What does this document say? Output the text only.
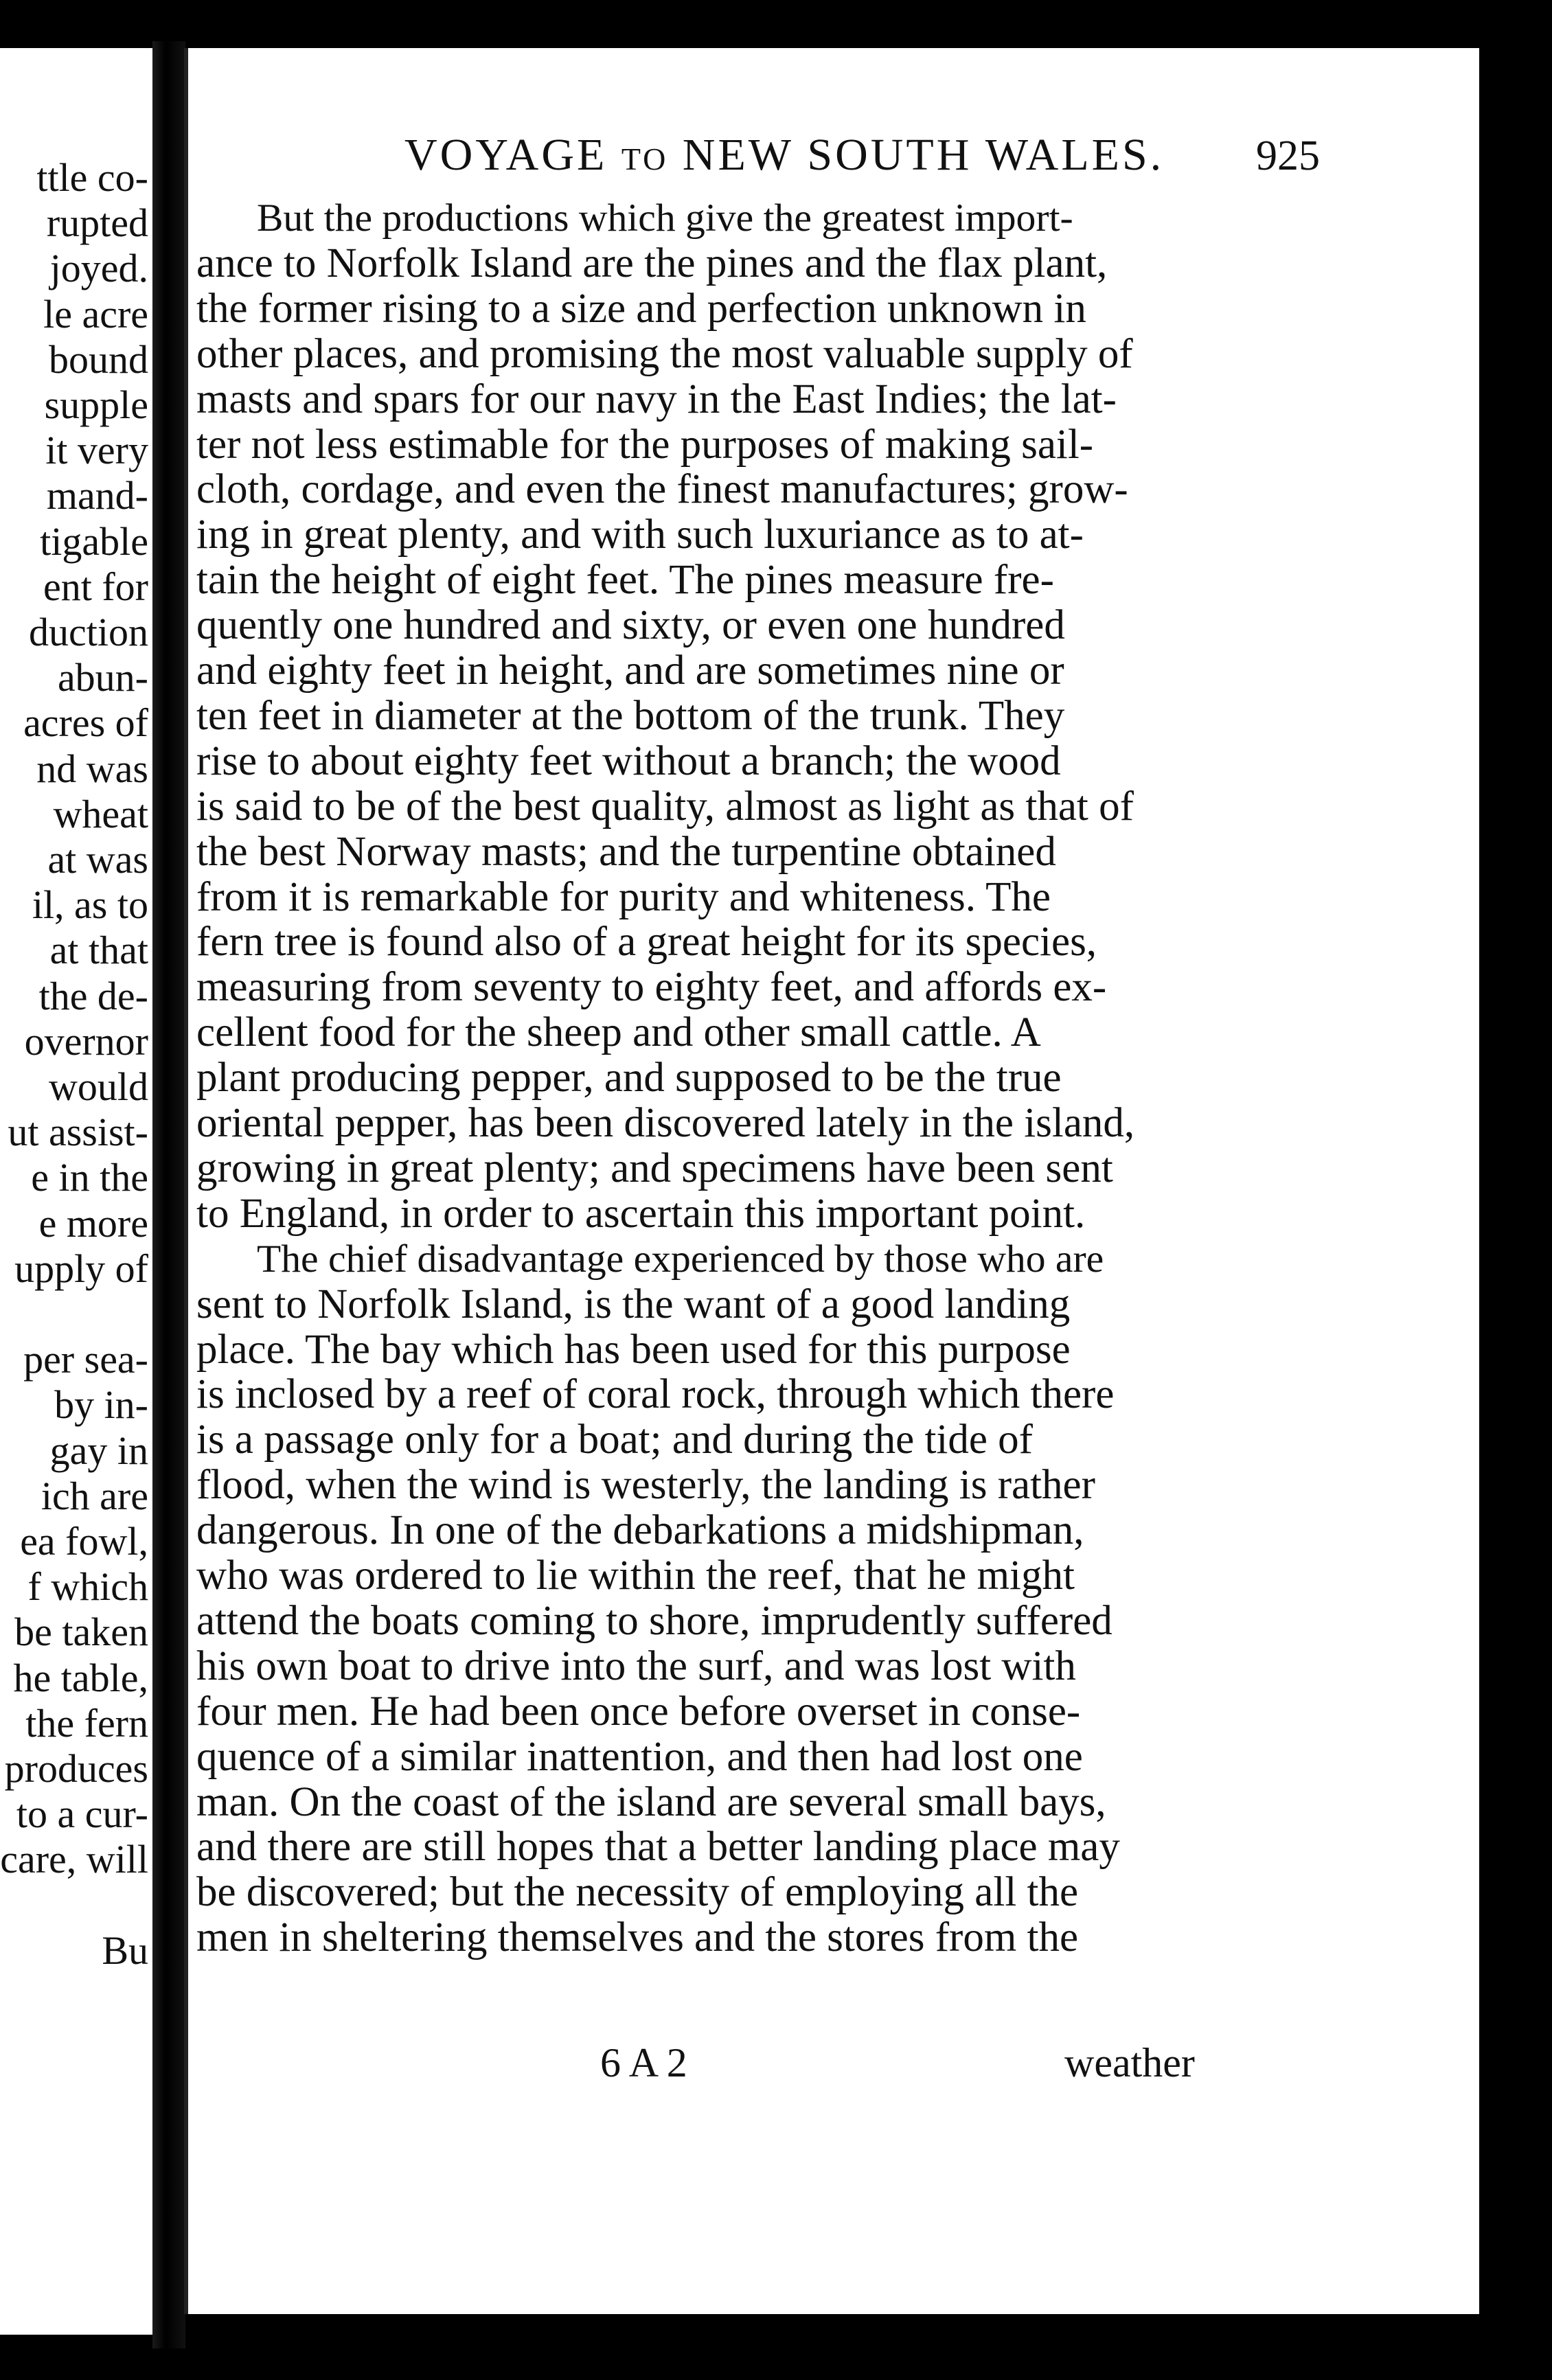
ttle co-
rupted
joyed.
le acre
bound
supple
it very
mand-
tigable
ent for
duction
abun-
acres of
nd was
wheat
at was
il, as to
at that
the de-
overnor
would
ut assist-
e in the
e more
upply of
per sea-
by in-
gay in
ich are
ea fowl,
f which
be taken
he table,
the fern
produces
to a cur-
care, will
Bu
VOYAGE to NEW SOUTH WALES. 925
But the productions which give the greatest import-
ance to Norfolk Island are the pines and the flax plant,
the former rising to a size and perfection unknown in
other places, and promising the most valuable supply of
masts and spars for our navy in the East Indies; the lat-
ter not less estimable for the purposes of making sail-
cloth, cordage, and even the finest manufactures; grow-
ing in great plenty, and with such luxuriance as to at-
tain the height of eight feet. The pines measure fre-
quently one hundred and sixty, or even one hundred
and eighty feet in height, and are sometimes nine or
ten feet in diameter at the bottom of the trunk. They
rise to about eighty feet without a branch; the wood
is said to be of the best quality, almost as light as that of
the best Norway masts; and the turpentine obtained
from it is remarkable for purity and whiteness. The
fern tree is found also of a great height for its species,
measuring from seventy to eighty feet, and affords ex-
cellent food for the sheep and other small cattle. A
plant producing pepper, and supposed to be the true
oriental pepper, has been discovered lately in the island,
growing in great plenty; and specimens have been sent
to England, in order to ascertain this important point.
The chief disadvantage experienced by those who are
sent to Norfolk Island, is the want of a good landing
place. The bay which has been used for this purpose
is inclosed by a reef of coral rock, through which there
is a passage only for a boat; and during the tide of
flood, when the wind is westerly, the landing is rather
dangerous. In one of the debarkations a midshipman,
who was ordered to lie within the reef, that he might
attend the boats coming to shore, imprudently suffered
his own boat to drive into the surf, and was lost with
four men. He had been once before overset in conse-
quence of a similar inattention, and then had lost one
man. On the coast of the island are several small bays,
and there are still hopes that a better landing place may
be discovered; but the necessity of employing all the
men in sheltering themselves and the stores from the
6 A 2	weather
